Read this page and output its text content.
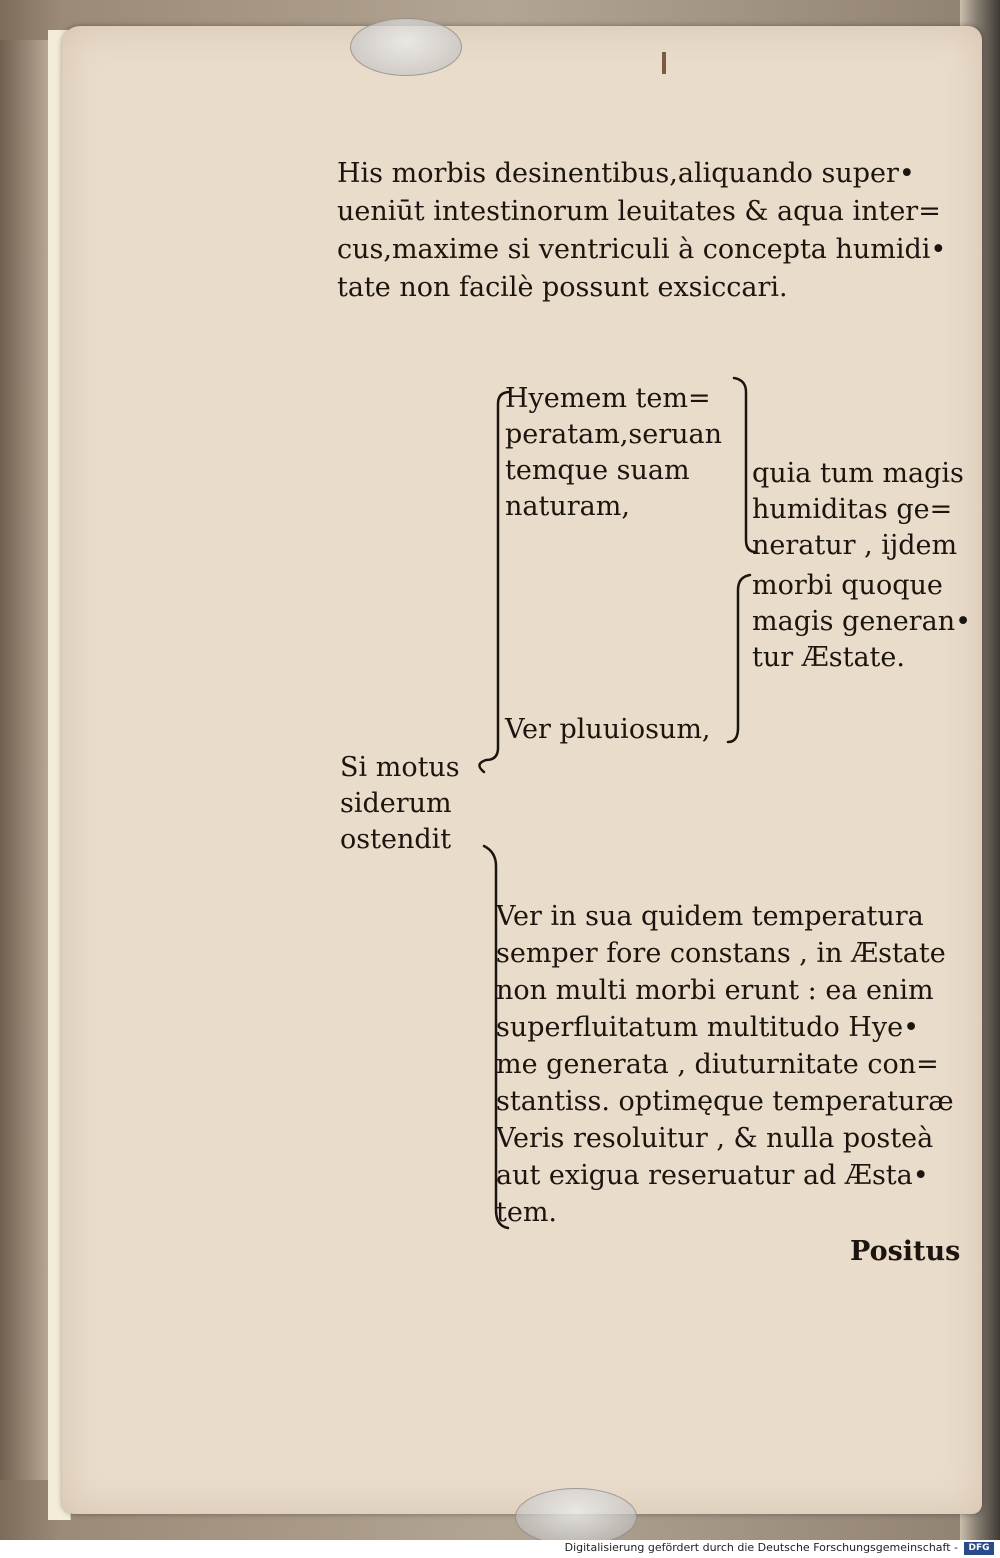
His morbis desinentibus,aliquando super•
ueniūt intestinorum leuitates & aqua inter=
cus,maxime si ventriculi à concepta humidi•
tate non facilè possunt exsiccari.
Hyemem tem=
peratam,seruan
temque suam
naturam,
Ver pluuiosum,
quia tum magis
humiditas ge=
neratur , ijdem
morbi quoque
magis generan•
tur Æstate.
Si motus
siderum
ostendit
Ver in sua quidem temperatura
semper fore constans , in Æstate
non multi morbi erunt : ea enim
superfluitatum multitudo Hye•
me generata , diuturnitate con=
stantiss. optimęque temperaturæ
Veris resoluitur , & nulla posteà
aut exigua reseruatur ad Æsta•
tem.
Positus
Digitalisierung gefördert durch die Deutsche Forschungsgemeinschaft -	DFG
